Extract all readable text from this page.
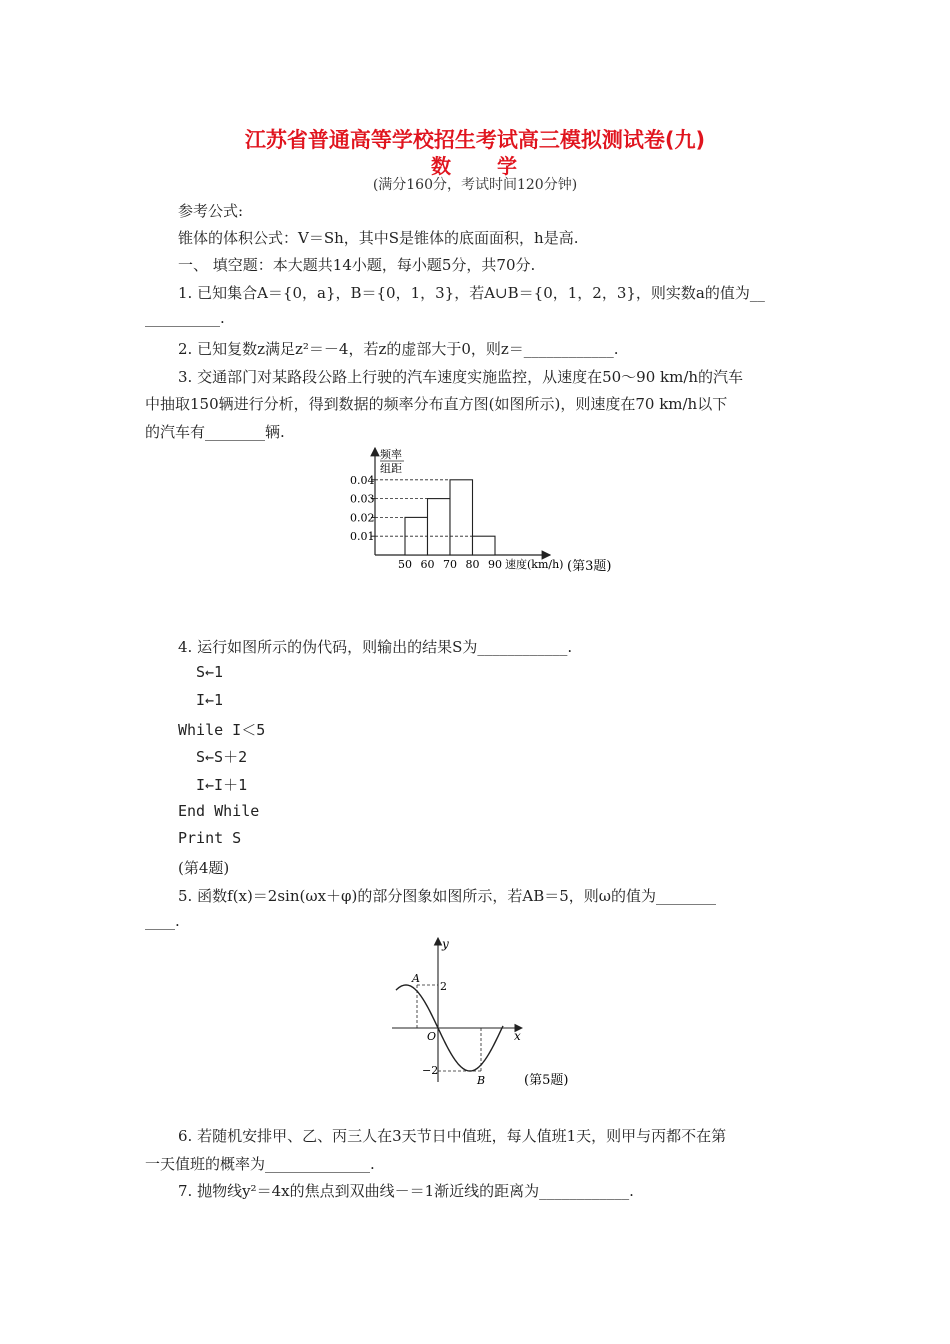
江苏省普通高等学校招生考试高三模拟测试卷(九)
数　　学
(满分160分，考试时间120分钟)
参考公式:
锥体的体积公式：V＝Sh，其中S是锥体的底面面积，h是高.
一、 填空题：本大题共14小题，每小题5分，共70分.
1. 已知集合A＝{0，a}，B＝{0，1，3}，若A∪B＝{0，1，2，3}，则实数a的值为__
__________.
2. 已知复数z满足z²＝－4，若z的虚部大于0，则z＝____________.
3. 交通部门对某路段公路上行驶的汽车速度实施监控，从速度在50～90 km/h的汽车
中抽取150辆进行分析，得到数据的频率分布直方图(如图所示)，则速度在70 km/h以下
的汽车有________辆.
频率
组距
0.01
0.02
0.03
0.04
50 60 70 80 90 速度(km/h) (第3题)
4. 运行如图所示的伪代码，则输出的结果S为____________.
S←1
I←1
While I＜5
S←S＋2
I←I＋1
End While
Print S
(第4题)
5. 函数f(x)＝2sin(ωx＋φ)的部分图象如图所示，若AB＝5，则ω的值为________
____.
y
x
O
2
−2
A
B	(第5题)
6. 若随机安排甲、乙、丙三人在3天节日中值班，每人值班1天，则甲与丙都不在第
一天值班的概率为______________.
7. 抛物线y²＝4x的焦点到双曲线－＝1渐近线的距离为____________.
